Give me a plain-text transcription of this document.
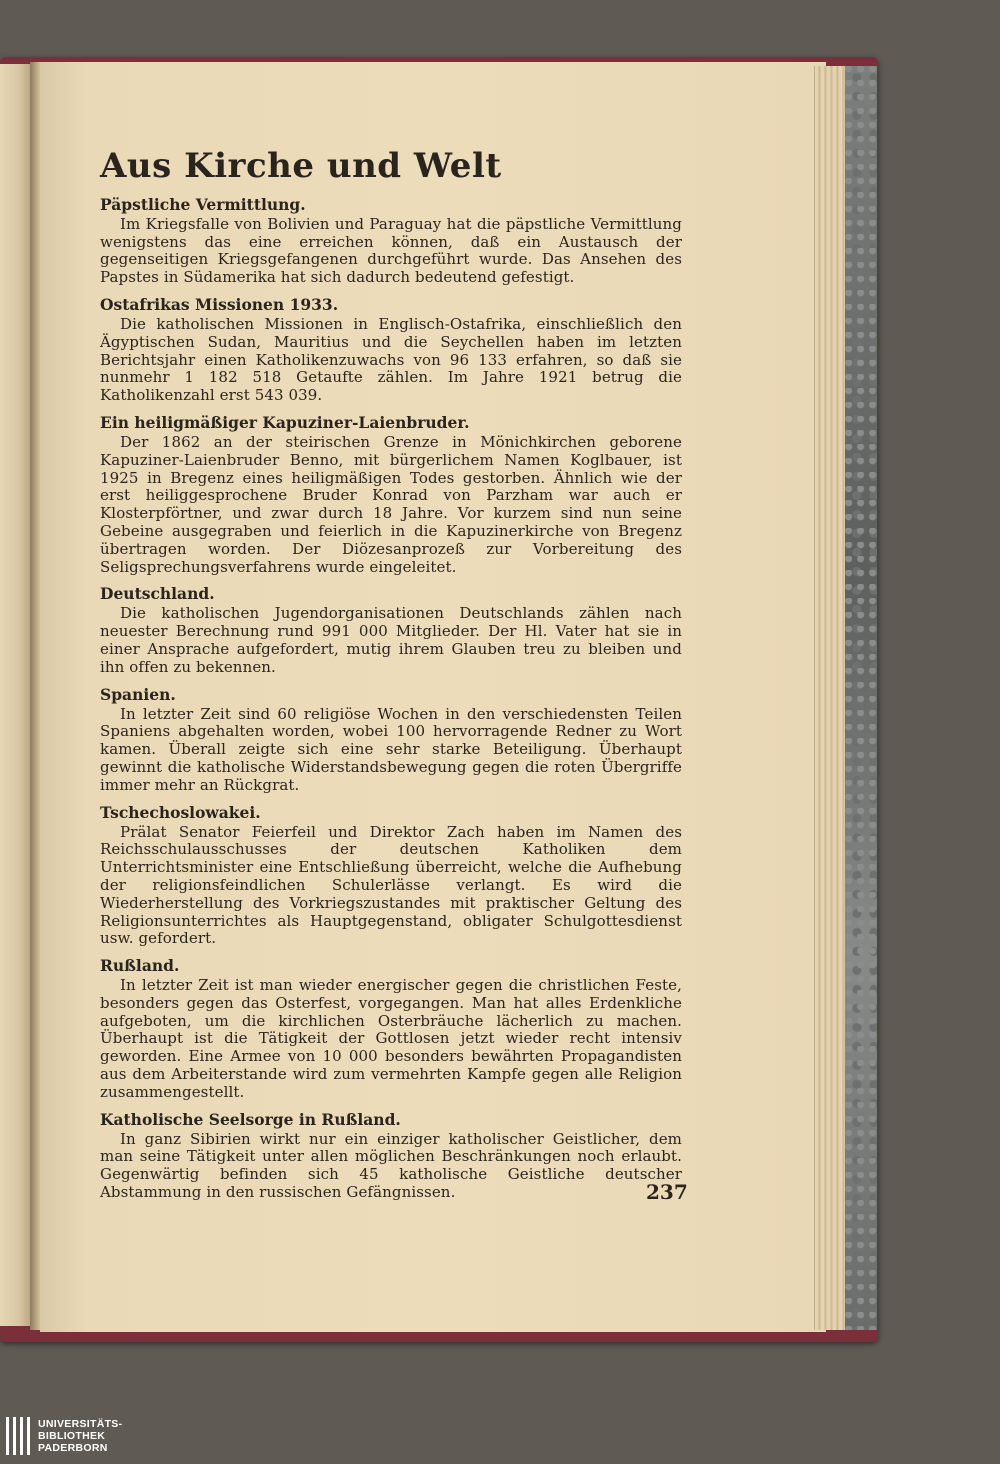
Aus Kirche und Welt
Päpstliche Vermittlung.
Im Kriegsfalle von Bolivien und Paraguay hat die päpstliche Vermittlung wenigstens das eine erreichen können, daß ein Austausch der gegenseitigen Kriegsgefangenen durchgeführt wurde. Das Ansehen des Papstes in Südamerika hat sich dadurch bedeutend gefestigt.
Ostafrikas Missionen 1933.
Die katholischen Missionen in Englisch-Ostafrika, einschließlich den Ägyptischen Sudan, Mauritius und die Seychellen haben im letzten Berichtsjahr einen Katholikenzuwachs von 96 133 erfahren, so daß sie nunmehr 1 182 518 Getaufte zählen. Im Jahre 1921 betrug die Katholikenzahl erst 543 039.
Ein heiligmäßiger Kapuziner-Laienbruder.
Der 1862 an der steirischen Grenze in Mönichkirchen geborene Kapuziner-Laienbruder Benno, mit bürgerlichem Namen Koglbauer, ist 1925 in Bregenz eines heiligmäßigen Todes gestorben. Ähnlich wie der erst heiliggesprochene Bruder Konrad von Parzham war auch er Klosterpförtner, und zwar durch 18 Jahre. Vor kurzem sind nun seine Gebeine ausgegraben und feierlich in die Kapuzinerkirche von Bregenz übertragen worden. Der Diözesanprozeß zur Vorbereitung des Seligsprechungsverfahrens wurde eingeleitet.
Deutschland.
Die katholischen Jugendorganisationen Deutschlands zählen nach neuester Berechnung rund 991 000 Mitglieder. Der Hl. Vater hat sie in einer Ansprache aufgefordert, mutig ihrem Glauben treu zu bleiben und ihn offen zu bekennen.
Spanien.
In letzter Zeit sind 60 religiöse Wochen in den verschiedensten Teilen Spaniens abgehalten worden, wobei 100 hervorragende Redner zu Wort kamen. Überall zeigte sich eine sehr starke Beteiligung. Überhaupt gewinnt die katholische Widerstandsbewegung gegen die roten Übergriffe immer mehr an Rückgrat.
Tschechoslowakei.
Prälat Senator Feierfeil und Direktor Zach haben im Namen des Reichsschulausschusses der deutschen Katholiken dem Unterrichtsminister eine Entschließung überreicht, welche die Aufhebung der religionsfeindlichen Schulerlässe verlangt. Es wird die Wiederherstellung des Vorkriegszustandes mit praktischer Geltung des Religionsunterrichtes als Hauptgegenstand, obligater Schulgottesdienst usw. gefordert.
Rußland.
In letzter Zeit ist man wieder energischer gegen die christlichen Feste, besonders gegen das Osterfest, vorgegangen. Man hat alles Erdenkliche aufgeboten, um die kirchlichen Osterbräuche lächerlich zu machen. Überhaupt ist die Tätigkeit der Gottlosen jetzt wieder recht intensiv geworden. Eine Armee von 10 000 besonders bewährten Propagandisten aus dem Arbeiterstande wird zum vermehrten Kampfe gegen alle Religion zusammengestellt.
Katholische Seelsorge in Rußland.
In ganz Sibirien wirkt nur ein einziger katholischer Geistlicher, dem man seine Tätigkeit unter allen möglichen Beschränkungen noch erlaubt. Gegenwärtig befinden sich 45 katholische Geistliche deutscher Abstammung in den russischen Gefängnissen.	237
UNIVERSITÄTS-
BIBLIOTHEK
PADERBORN
